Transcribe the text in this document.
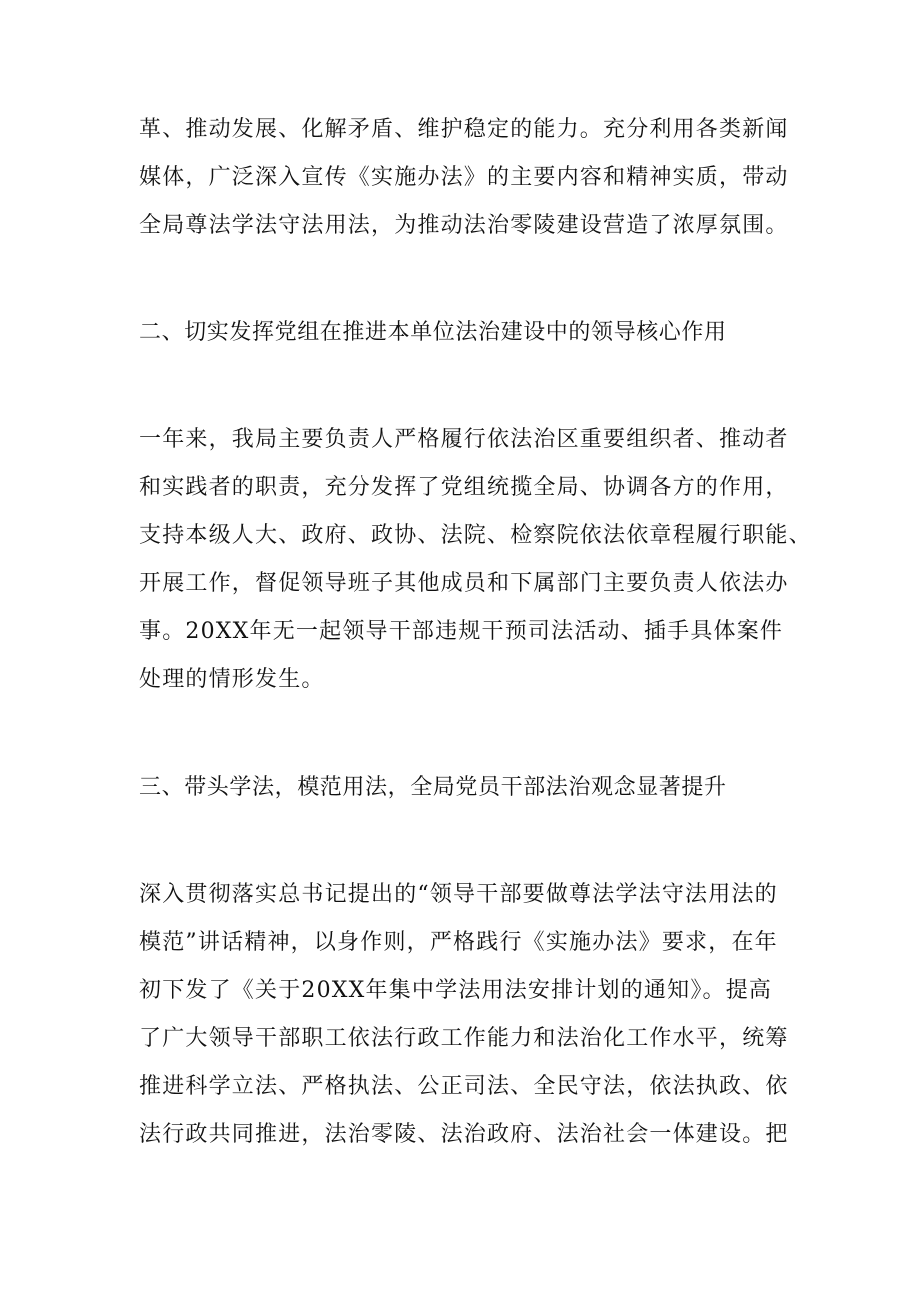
革、推动发展、化解矛盾、维护稳定的能力。充分利用各类新闻
媒体，广泛深入宣传《实施办法》的主要内容和精神实质，带动
全局尊法学法守法用法，为推动法治零陵建设营造了浓厚氛围。
二、切实发挥党组在推进本单位法治建设中的领导核心作用
一年来，我局主要负责人严格履行依法治区重要组织者、推动者
和实践者的职责，充分发挥了党组统揽全局、协调各方的作用，
支持本级人大、政府、政协、法院、检察院依法依章程履行职能、
开展工作，督促领导班子其他成员和下属部门主要负责人依法办
事。20XX年无一起领导干部违规干预司法活动、插手具体案件
处理的情形发生。
三、带头学法，模范用法，全局党员干部法治观念显著提升
深入贯彻落实总书记提出的“领导干部要做尊法学法守法用法的
模范”讲话精神，以身作则，严格践行《实施办法》要求，在年
初下发了《关于20XX年集中学法用法安排计划的通知》。提高
了广大领导干部职工依法行政工作能力和法治化工作水平，统筹
推进科学立法、严格执法、公正司法、全民守法，依法执政、依
法行政共同推进，法治零陵、法治政府、法治社会一体建设。把
